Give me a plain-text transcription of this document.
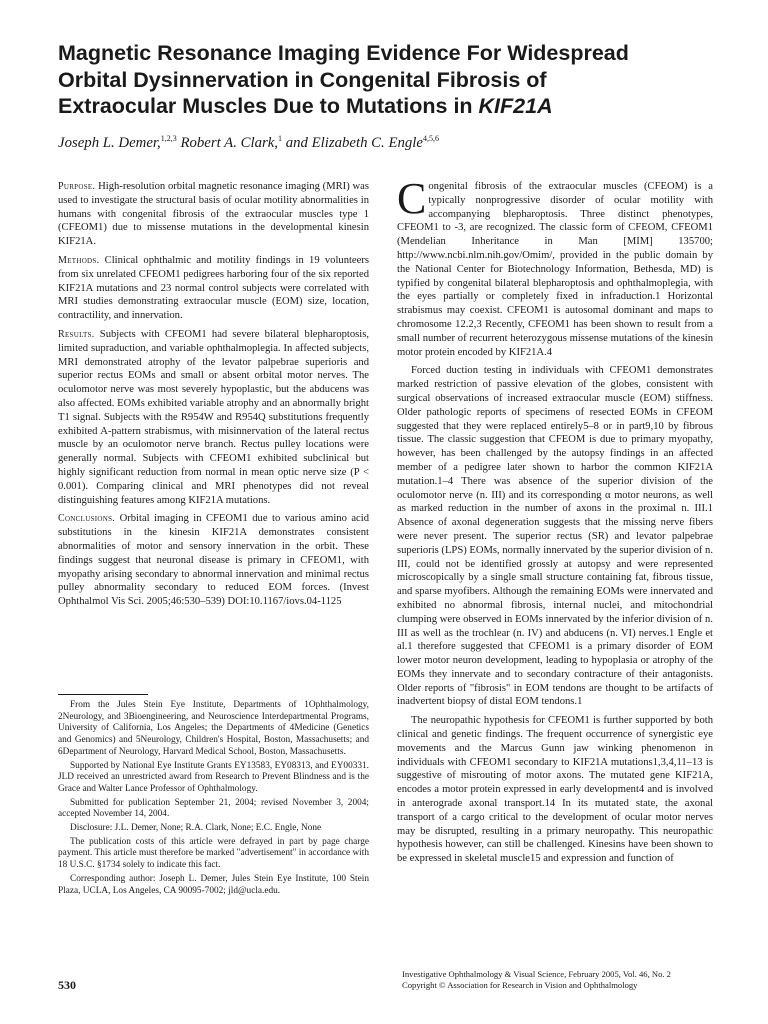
Magnetic Resonance Imaging Evidence For Widespread
Orbital Dysinnervation in Congenital Fibrosis of
Extraocular Muscles Due to Mutations in KIF21A
Joseph L. Demer,$^{1,2,3}$ Robert A. Clark,$^1$ and Elizabeth C. Engle$^{4,5,6}$

Purpose. High-resolution orbital magnetic resonance imaging (MRI) was used to investigate the structural basis of ocular motility abnormalities in humans with congenital fibrosis of the extraocular muscles type 1 (CFEOM1) due to missense mutations in the developmental kinesin KIF21A.

Methods. Clinical ophthalmic and motility findings in 19 volunteers from six unrelated CFEOM1 pedigrees harboring four of the six reported KIF21A mutations and 23 normal control subjects were correlated with MRI studies demonstrating extraocular muscle (EOM) size, location, contractility, and innervation.

Results. Subjects with CFEOM1 had severe bilateral blepharoptosis, limited supraduction, and variable ophthalmoplegia. In affected subjects, MRI demonstrated atrophy of the levator palpebrae superioris and superior rectus EOMs and small or absent orbital motor nerves. The oculomotor nerve was most severely hypoplastic, but the abducens was also affected. EOMs exhibited variable atrophy and an abnormally bright T1 signal. Subjects with the R954W and R954Q substitutions frequently exhibited A-pattern strabismus, with misinnervation of the lateral rectus muscle by an oculomotor nerve branch. Rectus pulley locations were generally normal. Subjects with CFEOM1 exhibited subclinical but highly significant reduction from normal in mean optic nerve size (P < 0.001). Comparing clinical and MRI phenotypes did not reveal distinguishing features among KIF21A mutations.

Conclusions. Orbital imaging in CFEOM1 due to various amino acid substitutions in the kinesin KIF21A demonstrates consistent abnormalities of motor and sensory innervation in the orbit. These findings suggest that neuronal disease is primary in CFEOM1, with myopathy arising secondary to abnormal innervation and minimal rectus pulley abnormality secondary to reduced EOM forces. (Invest Ophthalmol Vis Sci. 2005;46:530–539) DOI:10.1167/iovs.04-1125

From the Jules Stein Eye Institute, Departments of 1Ophthalmology, 2Neurology, and 3Bioengineering, and Neuroscience Interdepartmental Programs, University of California, Los Angeles; the Departments of 4Medicine (Genetics and Genomics) and 5Neurology, Children's Hospital, Boston, Massachusetts; and 6Department of Neurology, Harvard Medical School, Boston, Massachusetts.

Supported by National Eye Institute Grants EY13583, EY08313, and EY00331. JLD received an unrestricted award from Research to Prevent Blindness and is the Grace and Walter Lance Professor of Ophthalmology.

Submitted for publication September 21, 2004; revised November 3, 2004; accepted November 14, 2004.

Disclosure: J.L. Demer, None; R.A. Clark, None; E.C. Engle, None

The publication costs of this article were defrayed in part by page charge payment. This article must therefore be marked "advertisement" in accordance with 18 U.S.C. §1734 solely to indicate this fact.

Corresponding author: Joseph L. Demer, Jules Stein Eye Institute, 100 Stein Plaza, UCLA, Los Angeles, CA 90095-7002; jld@ucla.edu.

Congenital fibrosis of the extraocular muscles (CFEOM) is a typically nonprogressive disorder of ocular motility with accompanying blepharoptosis. Three distinct phenotypes, CFEOM1 to -3, are recognized. The classic form of CFEOM, CFEOM1 (Mendelian Inheritance in Man [MIM] 135700; http://www.ncbi.nlm.nih.gov/Omim/, provided in the public domain by the National Center for Biotechnology Information, Bethesda, MD) is typified by congenital bilateral blepharoptosis and ophthalmoplegia, with the eyes partially or completely fixed in infraduction.1 Horizontal strabismus may coexist. CFEOM1 is autosomal dominant and maps to chromosome 12.2,3 Recently, CFEOM1 has been shown to result from a small number of recurrent heterozygous missense mutations of the kinesin motor protein encoded by KIF21A.4

Forced duction testing in individuals with CFEOM1 demonstrates marked restriction of passive elevation of the globes, consistent with surgical observations of increased extraocular muscle (EOM) stiffness. Older pathologic reports of specimens of resected EOMs in CFEOM suggested that they were replaced entirely5–8 or in part9,10 by fibrous tissue. The classic suggestion that CFEOM is due to primary myopathy, however, has been challenged by the autopsy findings in an affected member of a pedigree later shown to harbor the common KIF21A mutation.1–4 There was absence of the superior division of the oculomotor nerve (n. III) and its corresponding α motor neurons, as well as marked reduction in the number of axons in the proximal n. III.1 Absence of axonal degeneration suggests that the missing nerve fibers were never present. The superior rectus (SR) and levator palpebrae superioris (LPS) EOMs, normally innervated by the superior division of n. III, could not be identified grossly at autopsy and were represented microscopically by a single small structure containing fat, fibrous tissue, and sparse myofibers. Although the remaining EOMs were innervated and exhibited no abnormal fibrosis, internal nuclei, and mitochondrial clumping were observed in EOMs innervated by the inferior division of n. III as well as the trochlear (n. IV) and abducens (n. VI) nerves.1 Engle et al.1 therefore suggested that CFEOM1 is a primary disorder of EOM lower motor neuron development, leading to hypoplasia or atrophy of the EOMs they innervate and to secondary contracture of their antagonists. Older reports of "fibrosis" in EOM tendons are thought to be artifacts of inadvertent biopsy of distal EOM tendons.1

The neuropathic hypothesis for CFEOM1 is further supported by both clinical and genetic findings. The frequent occurrence of synergistic eye movements and the Marcus Gunn jaw winking phenomenon in individuals with CFEOM1 secondary to KIF21A mutations1,3,4,11–13 is suggestive of misrouting of motor axons. The mutated gene KIF21A, encodes a motor protein expressed in early development4 and is involved in anterograde axonal transport.14 In its mutated state, the axonal transport of a cargo critical to the development of ocular motor nerves may be disrupted, resulting in a primary neuropathy. This neuropathic hypothesis however, can still be challenged. Kinesins have been shown to be expressed in skeletal muscle15 and expression and function of

530
Investigative Ophthalmology & Visual Science, February 2005, Vol. 46, No. 2
Copyright © Association for Research in Vision and Ophthalmology
